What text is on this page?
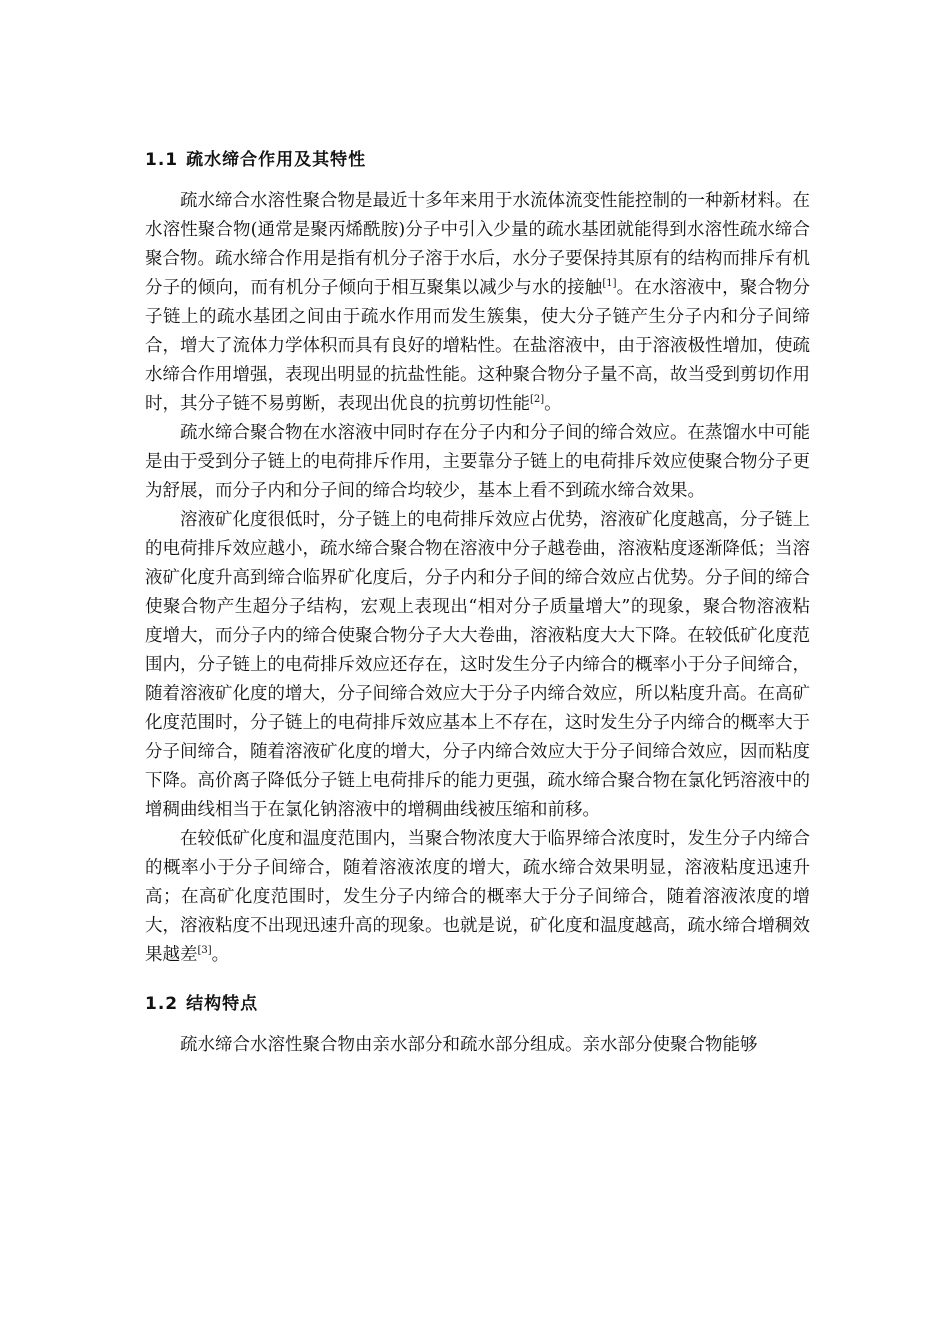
1.1 疏水缔合作用及其特性

疏水缔合水溶性聚合物是最近十多年来用于水流体流变性能控制的一种新材料。在水溶性聚合物(通常是聚丙烯酰胺)分子中引入少量的疏水基团就能得到水溶性疏水缔合聚合物。疏水缔合作用是指有机分子溶于水后，水分子要保持其原有的结构而排斥有机分子的倾向，而有机分子倾向于相互聚集以减少与水的接触[1]。在水溶液中，聚合物分子链上的疏水基团之间由于疏水作用而发生簇集，使大分子链产生分子内和分子间缔合，增大了流体力学体积而具有良好的增粘性。在盐溶液中，由于溶液极性增加，使疏水缔合作用增强，表现出明显的抗盐性能。这种聚合物分子量不高，故当受到剪切作用时，其分子链不易剪断，表现出优良的抗剪切性能[2]。

疏水缔合聚合物在水溶液中同时存在分子内和分子间的缔合效应。在蒸馏水中可能是由于受到分子链上的电荷排斥作用，主要靠分子链上的电荷排斥效应使聚合物分子更为舒展，而分子内和分子间的缔合均较少，基本上看不到疏水缔合效果。

溶液矿化度很低时，分子链上的电荷排斥效应占优势，溶液矿化度越高，分子链上的电荷排斥效应越小，疏水缔合聚合物在溶液中分子越卷曲，溶液粘度逐渐降低；当溶液矿化度升高到缔合临界矿化度后，分子内和分子间的缔合效应占优势。分子间的缔合使聚合物产生超分子结构，宏观上表现出“相对分子质量增大”的现象，聚合物溶液粘度增大，而分子内的缔合使聚合物分子大大卷曲，溶液粘度大大下降。在较低矿化度范围内，分子链上的电荷排斥效应还存在，这时发生分子内缔合的概率小于分子间缔合，随着溶液矿化度的增大，分子间缔合效应大于分子内缔合效应，所以粘度升高。在高矿化度范围时，分子链上的电荷排斥效应基本上不存在，这时发生分子内缔合的概率大于分子间缔合，随着溶液矿化度的增大，分子内缔合效应大于分子间缔合效应，因而粘度下降。高价离子降低分子链上电荷排斥的能力更强，疏水缔合聚合物在氯化钙溶液中的增稠曲线相当于在氯化钠溶液中的增稠曲线被压缩和前移。

在较低矿化度和温度范围内，当聚合物浓度大于临界缔合浓度时，发生分子内缔合的概率小于分子间缔合，随着溶液浓度的增大，疏水缔合效果明显，溶液粘度迅速升高；在高矿化度范围时，发生分子内缔合的概率大于分子间缔合，随着溶液浓度的增大，溶液粘度不出现迅速升高的现象。也就是说，矿化度和温度越高，疏水缔合增稠效果越差[3]。

1.2 结构特点

疏水缔合水溶性聚合物由亲水部分和疏水部分组成。亲水部分使聚合物能够
